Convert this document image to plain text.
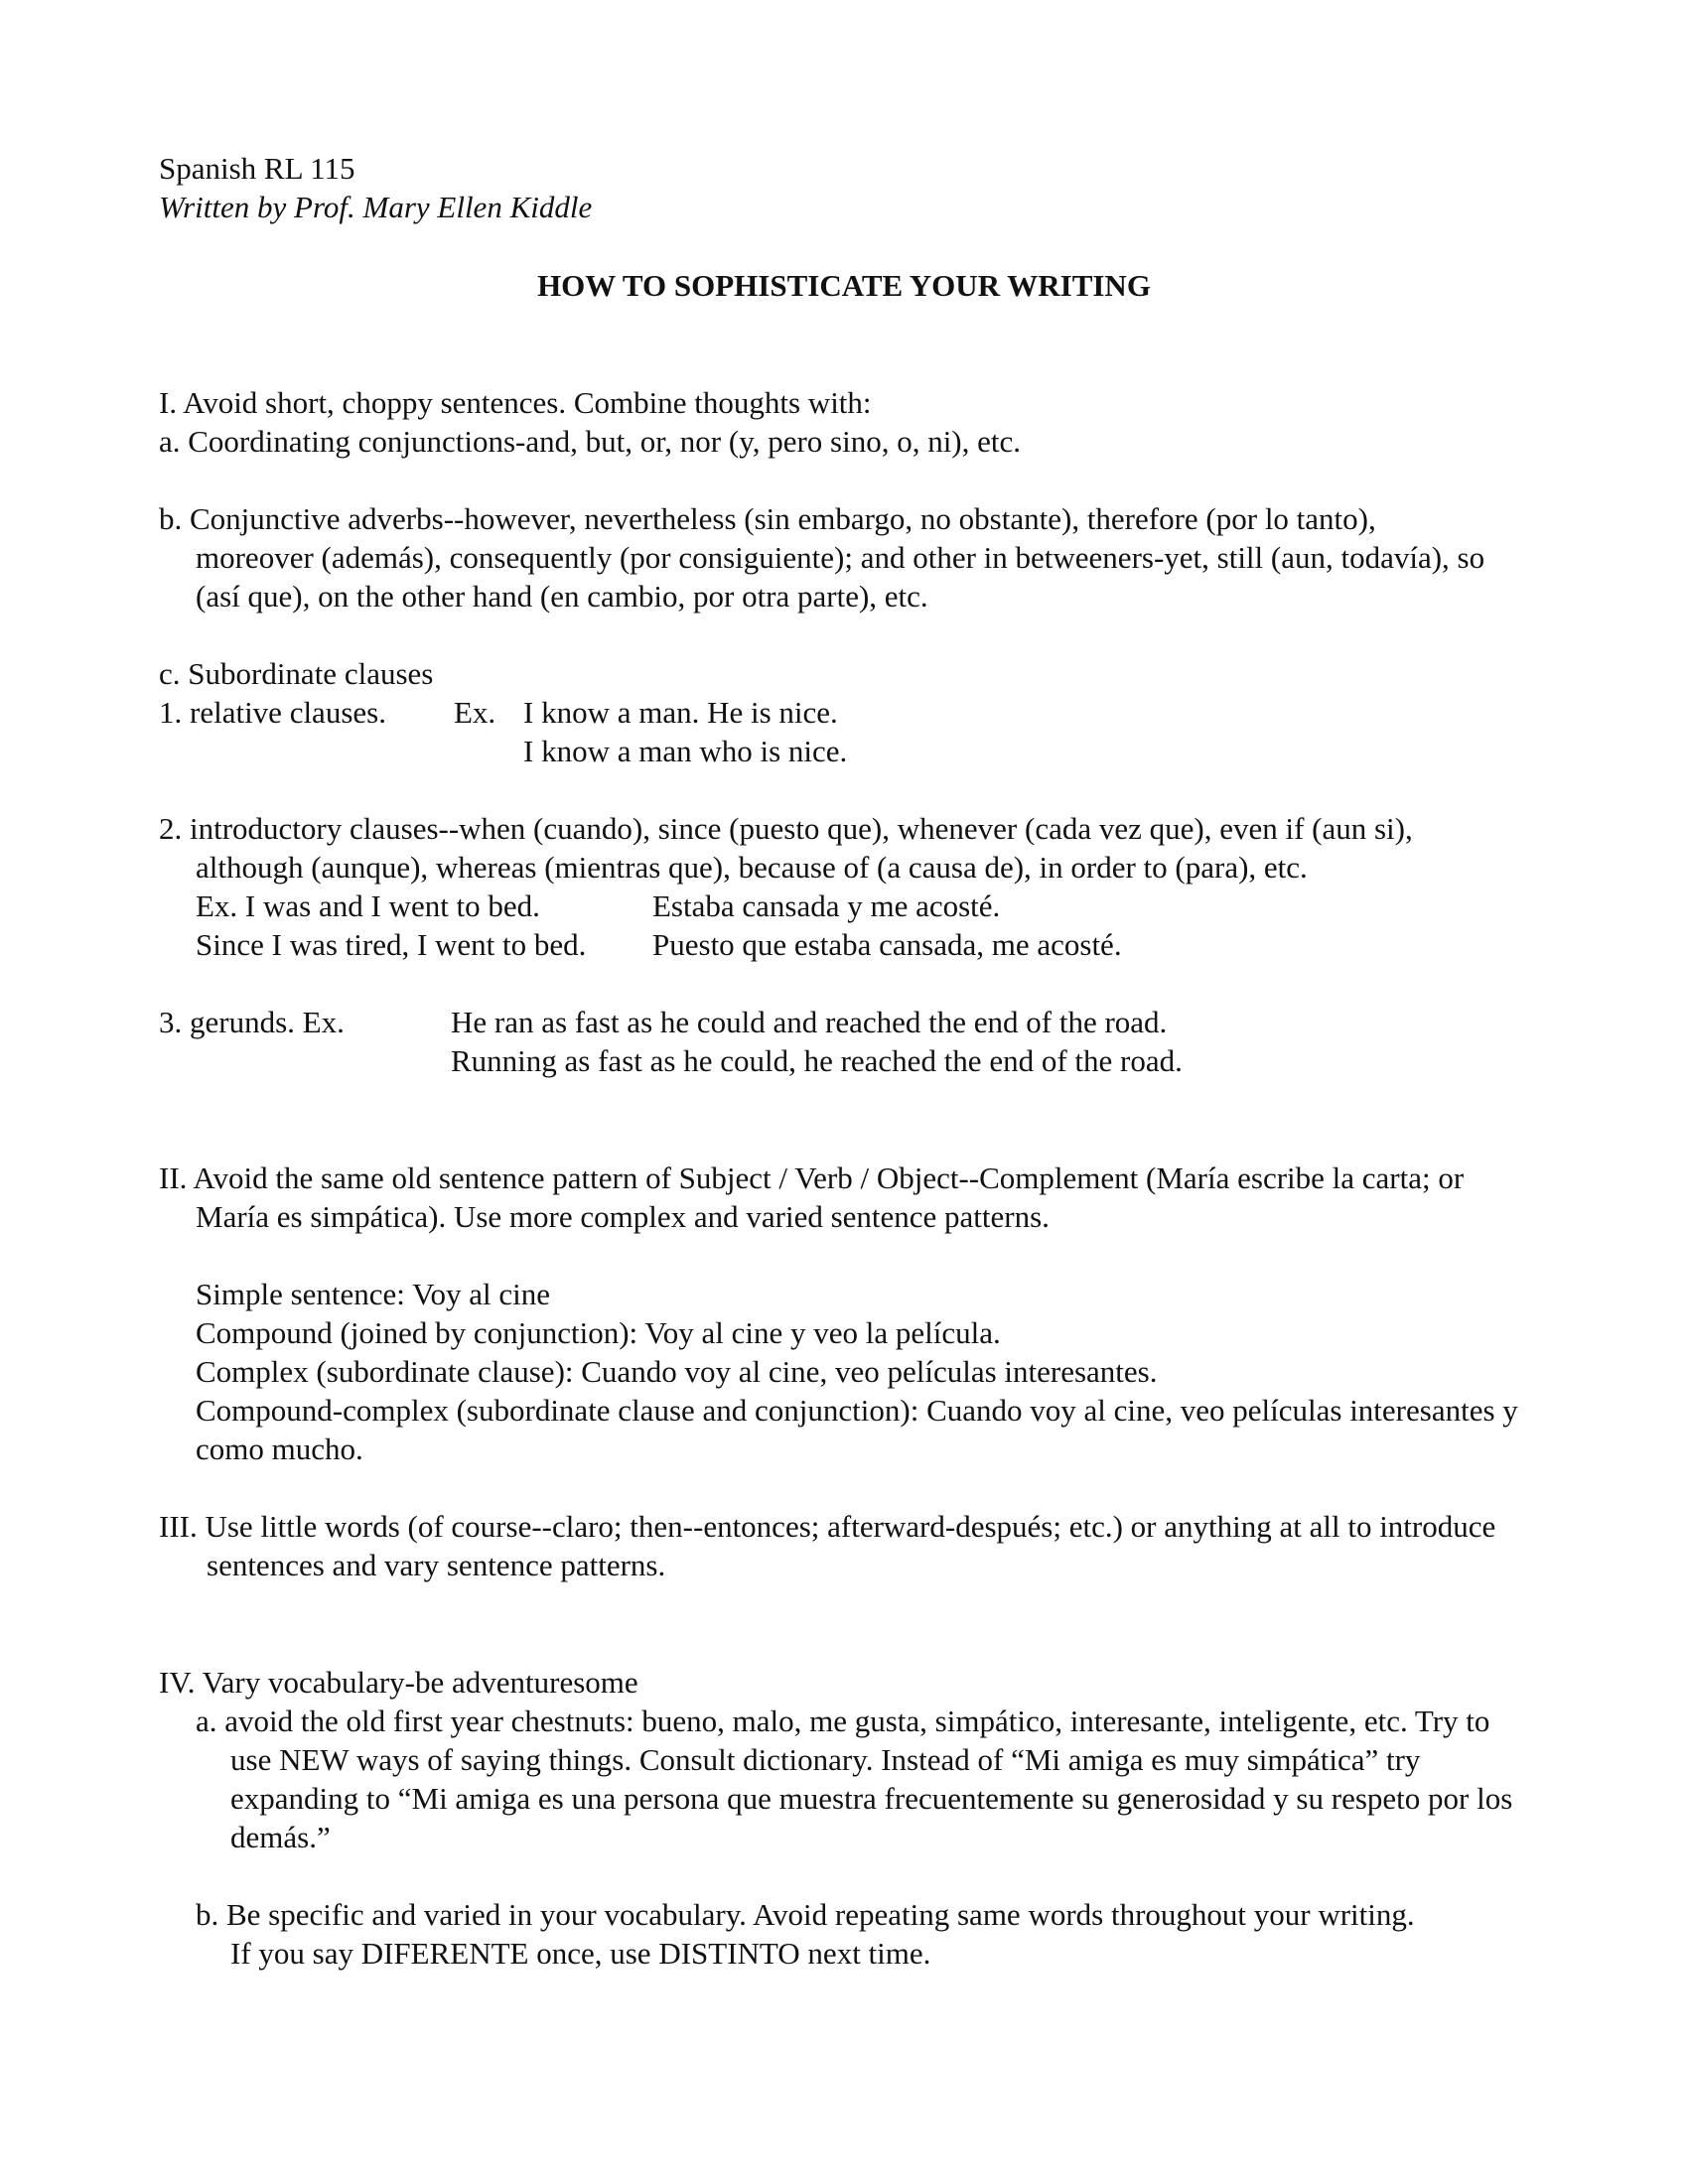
Spanish RL 115
Written by Prof. Mary Ellen Kiddle
HOW TO SOPHISTICATE YOUR WRITING
I. Avoid short, choppy sentences. Combine thoughts with:
a. Coordinating conjunctions-and, but, or, nor (y, pero sino, o, ni), etc.
b. Conjunctive adverbs--however, nevertheless (sin embargo, no obstante), therefore (por lo tanto),
moreover (además), consequently (por consiguiente); and other in betweeners-yet, still (aun, todavía), so
(así que), on the other hand (en cambio, por otra parte), etc.
c. Subordinate clauses
1. relative clauses. Ex. I know a man. He is nice.
I know a man who is nice.
2. introductory clauses--when (cuando), since (puesto que), whenever (cada vez que), even if (aun si),
although (aunque), whereas (mientras que), because of (a causa de), in order to (para), etc.
Ex. I was and I went to bed.	Estaba cansada y me acosté.
Since I was tired, I went to bed. Puesto que estaba cansada, me acosté.
3. gerunds. Ex.	He ran as fast as he could and reached the end of the road.
Running as fast as he could, he reached the end of the road.
II. Avoid the same old sentence pattern of Subject / Verb / Object--Complement (María escribe la carta; or
María es simpática). Use more complex and varied sentence patterns.
Simple sentence: Voy al cine
Compound (joined by conjunction): Voy al cine y veo la película.
Complex (subordinate clause): Cuando voy al cine, veo películas interesantes.
Compound-complex (subordinate clause and conjunction): Cuando voy al cine, veo películas interesantes y
como mucho.
III. Use little words (of course--claro; then--entonces; afterward-después; etc.) or anything at all to introduce
sentences and vary sentence patterns.
IV. Vary vocabulary-be adventuresome
a. avoid the old first year chestnuts: bueno, malo, me gusta, simpático, interesante, inteligente, etc. Try to
use NEW ways of saying things. Consult dictionary. Instead of “Mi amiga es muy simpática” try
expanding to “Mi amiga es una persona que muestra frecuentemente su generosidad y su respeto por los
demás.”
b. Be specific and varied in your vocabulary. Avoid repeating same words throughout your writing.
If you say DIFERENTE once, use DISTINTO next time.
